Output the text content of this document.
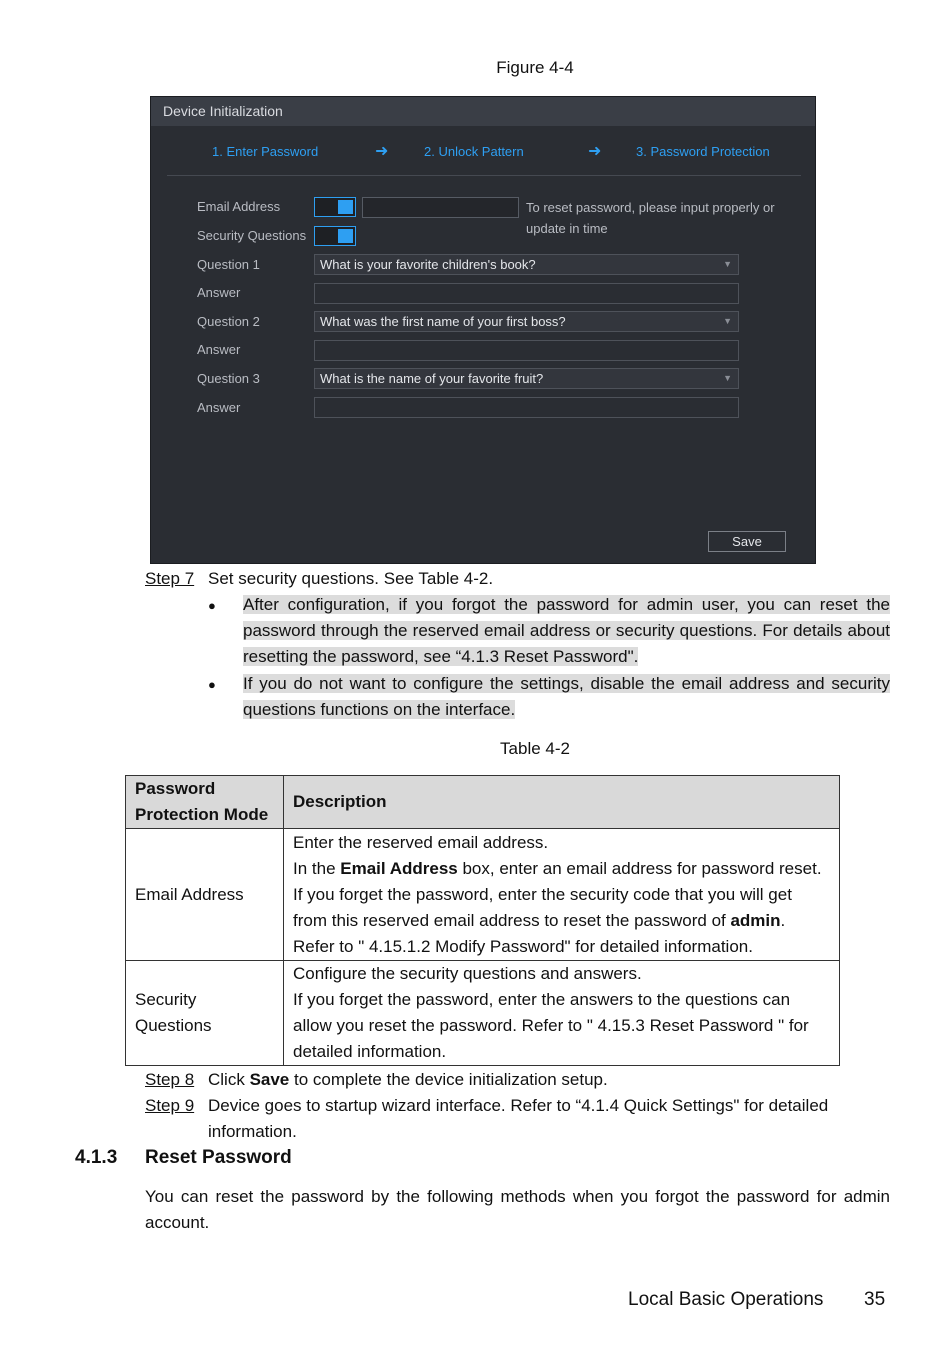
Figure 4-4
Device Initialization
1. Enter Password	➜	2. Unlock Pattern	➜	3. Password Protection
Email Address	To reset password, please input properly or update in time
Security Questions
Question 1	What is your favorite children's book?	▼
Answer
Question 2	What was the first name of your first boss?	▼
Answer
Question 3	What is the name of your favorite fruit?	▼
Answer
Save
Step 7 Set security questions. See Table 4-2.
● After configuration, if you forgot the password for admin user, you can reset the password through the reserved email address or security questions. For details about resetting the password, see “4.1.3 Reset Password".
● If you do not want to configure the settings, disable the email address and security questions functions on the interface.
Table 4-2
Password Protection Mode	Description
Email Address	Enter the reserved email address.
In the Email Address box, enter an email address for password reset. If you forget the password, enter the security code that you will get from this reserved email address to reset the password of admin.
Refer to " 4.15.1.2 Modify Password" for detailed information.

Security Questions	Configure the security questions and answers.
If you forget the password, enter the answers to the questions can allow you reset the password. Refer to " 4.15.3 Reset Password " for detailed information.
Step 8 Click Save to complete the device initialization setup.
Step 9 Device goes to startup wizard interface. Refer to “4.1.4 Quick Settings" for detailed information.
4.1.3 Reset Password
You can reset the password by the following methods when you forgot the password for admin account.
Local Basic Operations 35
